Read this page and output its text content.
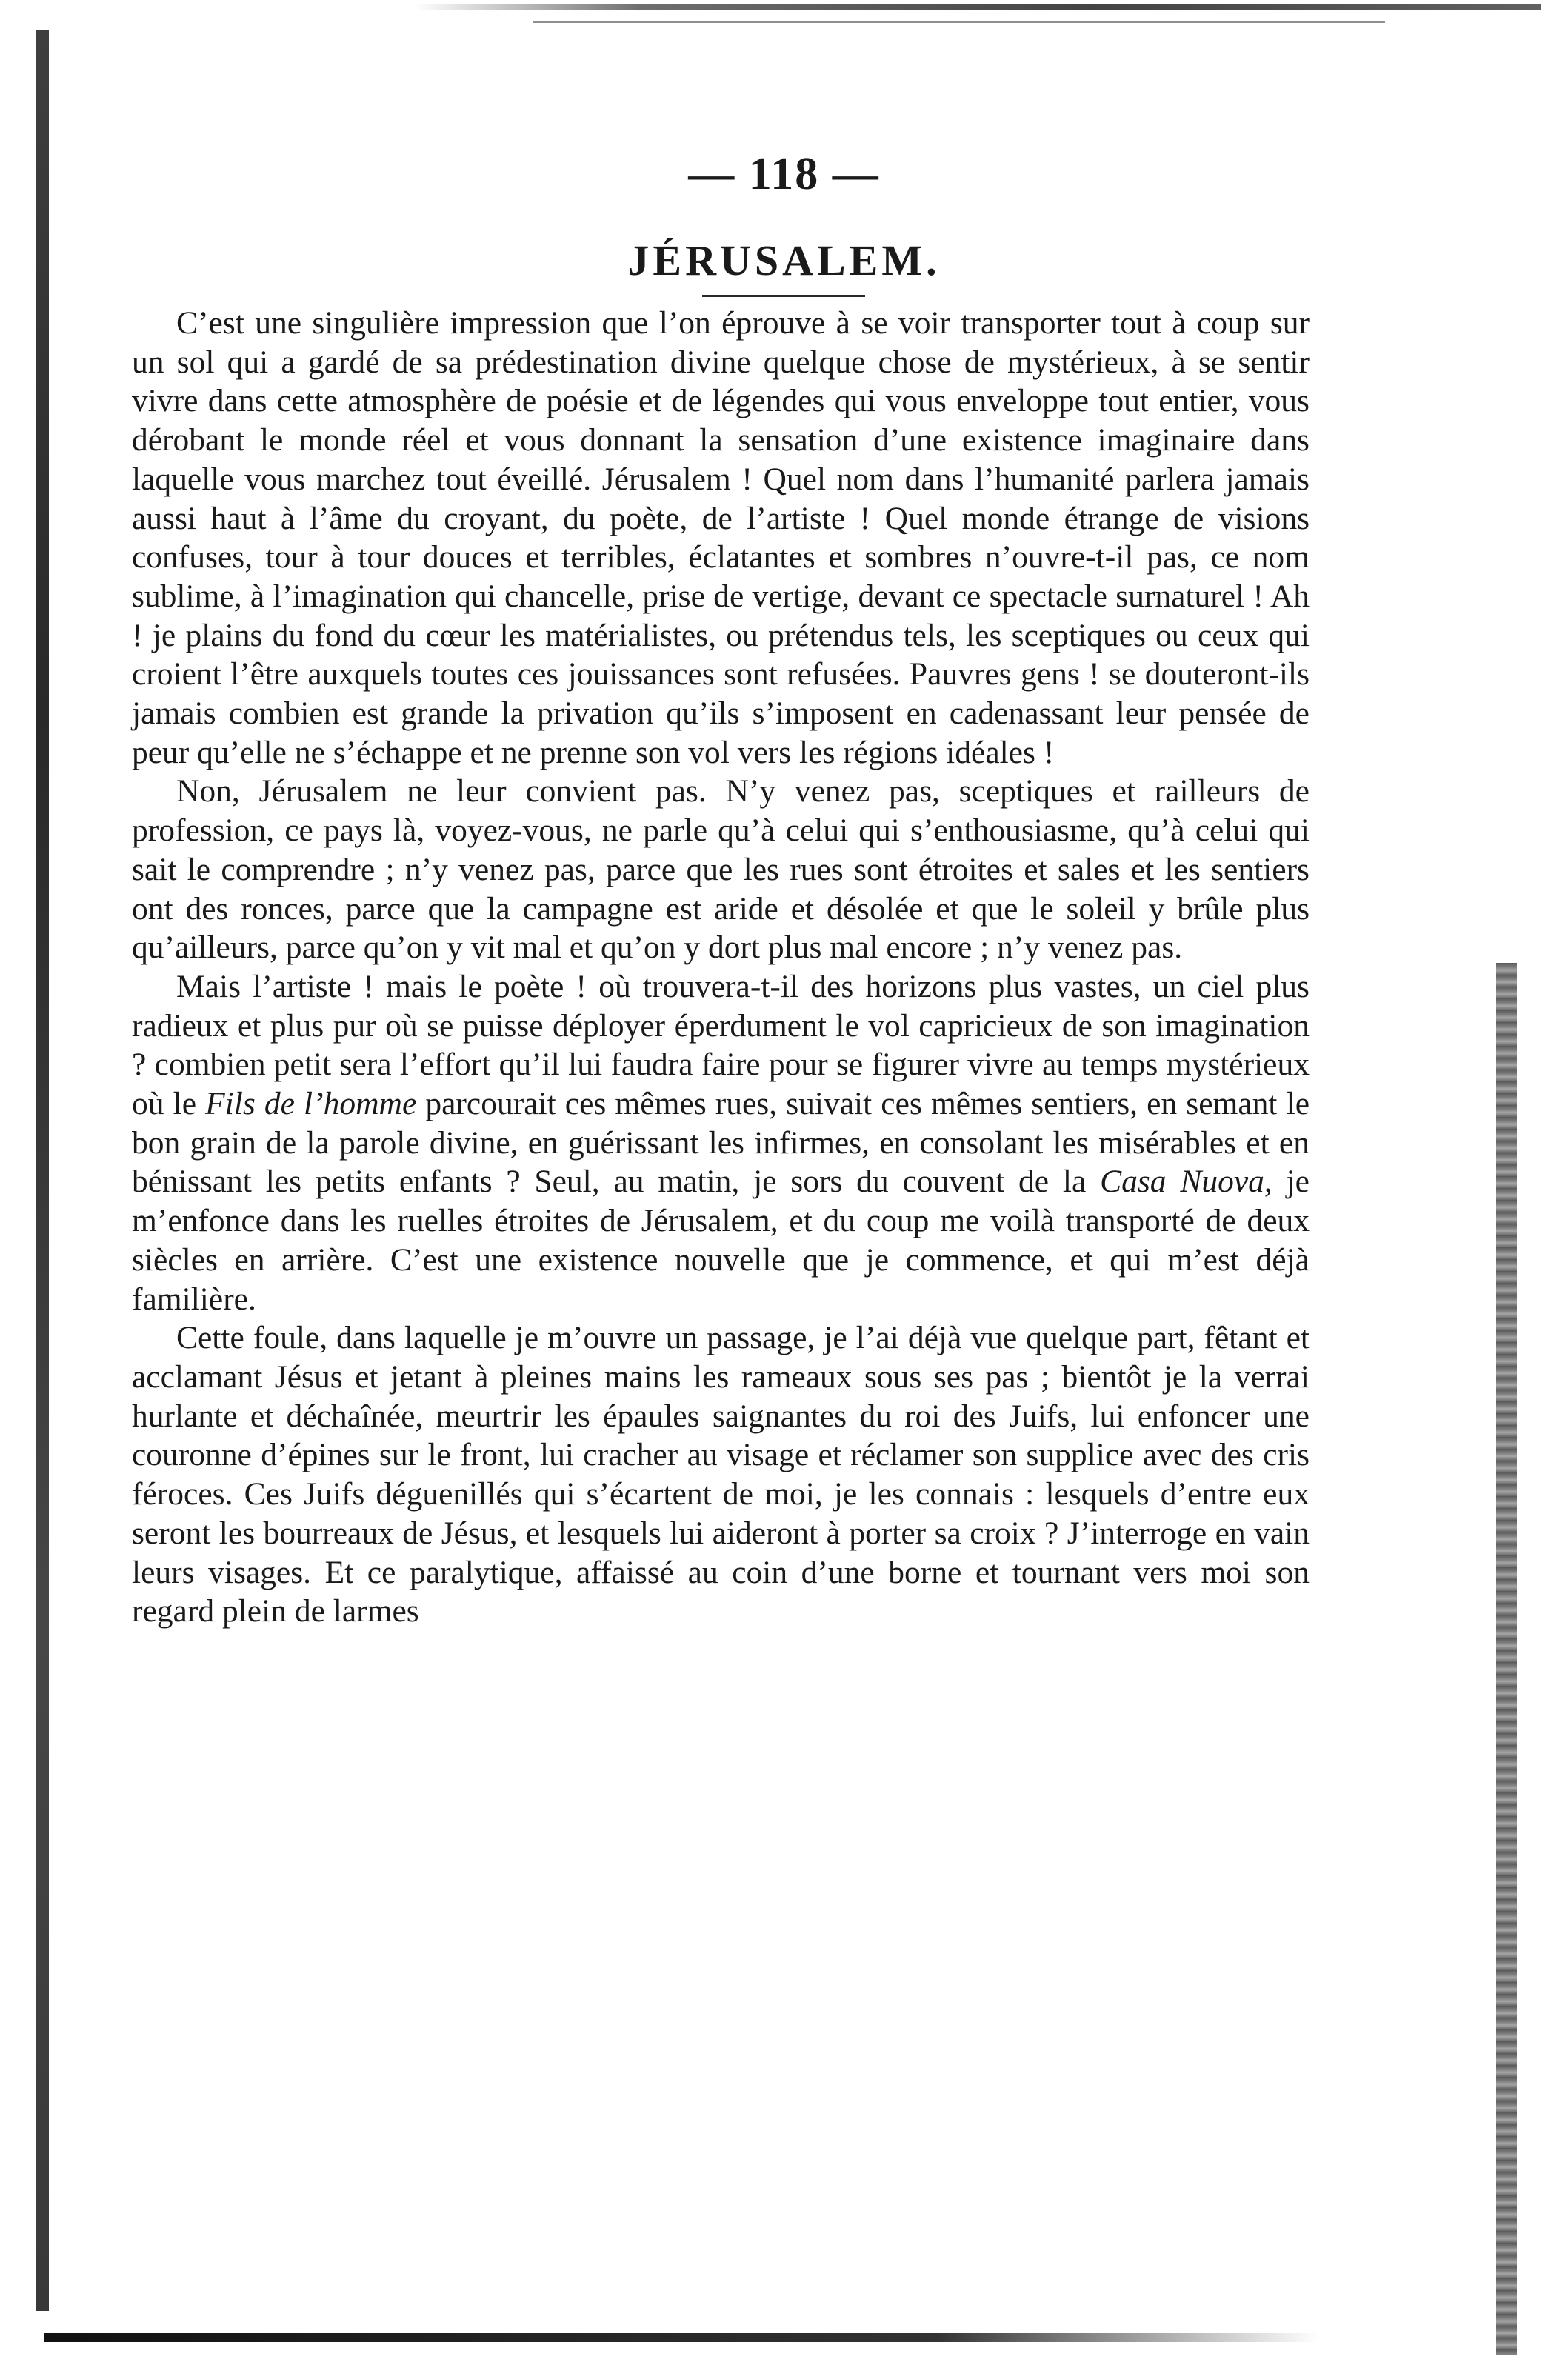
— 118 —
JÉRUSALEM.

C’est une singulière impression que l’on éprouve à se voir transporter tout à coup sur un sol qui a gardé de sa prédestination divine quelque chose de mystérieux, à se sentir vivre dans cette atmosphère de poésie et de légendes qui vous enveloppe tout entier, vous dérobant le monde réel et vous donnant la sensation d’une existence imaginaire dans laquelle vous marchez tout éveillé. Jérusalem ! Quel nom dans l’humanité parlera jamais aussi haut à l’âme du croyant, du poète, de l’artiste ! Quel monde étrange de visions confuses, tour à tour douces et terribles, éclatantes et sombres n’ouvre-t-il pas, ce nom sublime, à l’imagination qui chancelle, prise de vertige, devant ce spectacle surnaturel ! Ah ! je plains du fond du cœur les matérialistes, ou prétendus tels, les sceptiques ou ceux qui croient l’être auxquels toutes ces jouissances sont refusées. Pauvres gens ! se douteront-ils jamais combien est grande la privation qu’ils s’imposent en cadenassant leur pensée de peur qu’elle ne s’échappe et ne prenne son vol vers les régions idéales !

Non, Jérusalem ne leur convient pas. N’y venez pas, sceptiques et railleurs de profession, ce pays là, voyez-vous, ne parle qu’à celui qui s’enthousiasme, qu’à celui qui sait le comprendre ; n’y venez pas, parce que les rues sont étroites et sales et les sentiers ont des ronces, parce que la campagne est aride et désolée et que le soleil y brûle plus qu’ailleurs, parce qu’on y vit mal et qu’on y dort plus mal encore ; n’y venez pas.

Mais l’artiste ! mais le poète ! où trouvera-t-il des horizons plus vastes, un ciel plus radieux et plus pur où se puisse déployer éperdument le vol capricieux de son imagination ? combien petit sera l’effort qu’il lui faudra faire pour se figurer vivre au temps mystérieux où le Fils de l’homme parcourait ces mêmes rues, suivait ces mêmes sentiers, en semant le bon grain de la parole divine, en guérissant les infirmes, en consolant les misérables et en bénissant les petits enfants ? Seul, au matin, je sors du couvent de la Casa Nuova, je m’enfonce dans les ruelles étroites de Jérusalem, et du coup me voilà transporté de deux siècles en arrière. C’est une existence nouvelle que je commence, et qui m’est déjà familière.

Cette foule, dans laquelle je m’ouvre un passage, je l’ai déjà vue quelque part, fêtant et acclamant Jésus et jetant à pleines mains les rameaux sous ses pas ; bientôt je la verrai hurlante et déchaînée, meurtrir les épaules saignantes du roi des Juifs, lui enfoncer une couronne d’épines sur le front, lui cracher au visage et réclamer son supplice avec des cris féroces. Ces Juifs déguenillés qui s’écartent de moi, je les connais : lesquels d’entre eux seront les bourreaux de Jésus, et lesquels lui aideront à porter sa croix ? J’interroge en vain leurs visages. Et ce paralytique, affaissé au coin d’une borne et tournant vers moi son regard plein de larmes
